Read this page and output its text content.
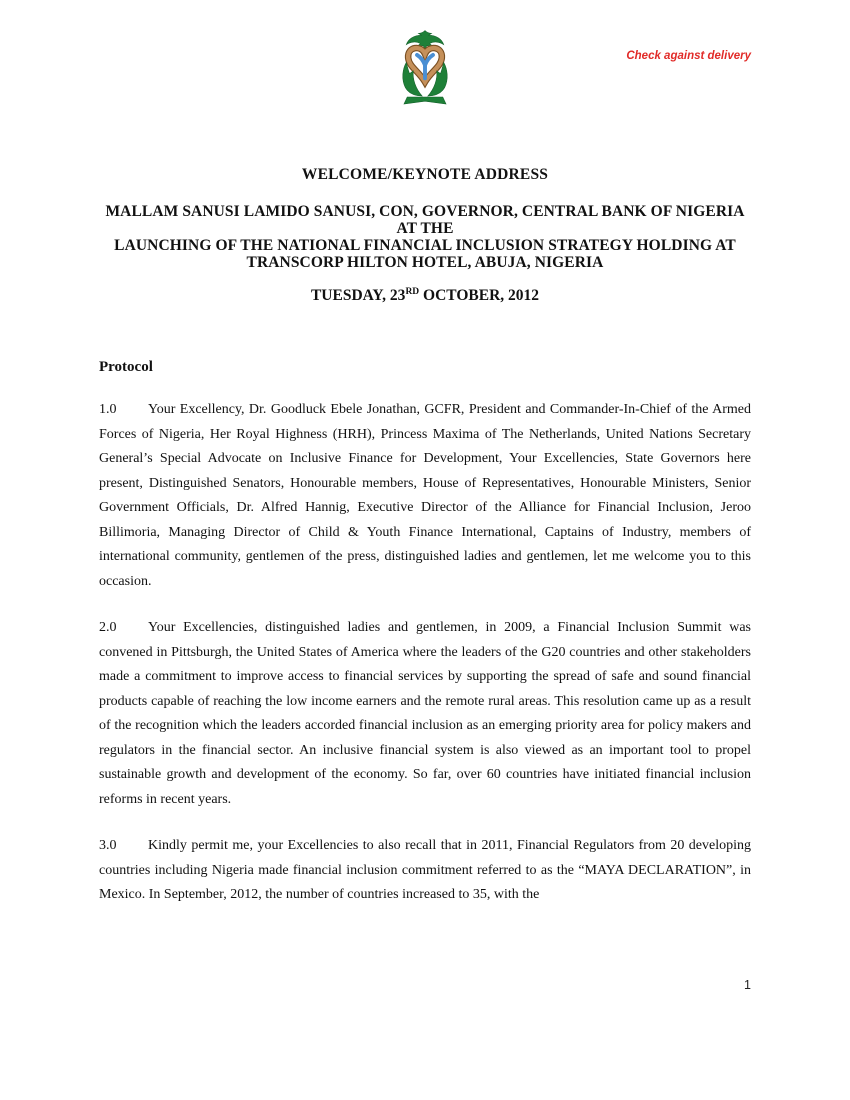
Check against delivery
WELCOME/KEYNOTE ADDRESS
MALLAM SANUSI LAMIDO SANUSI, CON, GOVERNOR, CENTRAL BANK OF NIGERIA AT THE
LAUNCHING OF THE NATIONAL FINANCIAL INCLUSION STRATEGY HOLDING AT
TRANSCORP HILTON HOTEL, ABUJA, NIGERIA
TUESDAY, 23RD OCTOBER, 2012
Protocol

1.0 Your Excellency, Dr. Goodluck Ebele Jonathan, GCFR, President and Commander-In-Chief of the Armed Forces of Nigeria, Her Royal Highness (HRH), Princess Maxima of The Netherlands, United Nations Secretary General’s Special Advocate on Inclusive Finance for Development, Your Excellencies, State Governors here present, Distinguished Senators, Honourable members, House of Representatives, Honourable Ministers, Senior Government Officials, Dr. Alfred Hannig, Executive Director of the Alliance for Financial Inclusion, Jeroo Billimoria, Managing Director of Child & Youth Finance International, Captains of Industry, members of international community, gentlemen of the press, distinguished ladies and gentlemen, let me welcome you to this occasion.

2.0 Your Excellencies, distinguished ladies and gentlemen, in 2009, a Financial Inclusion Summit was convened in Pittsburgh, the United States of America where the leaders of the G20 countries and other stakeholders made a commitment to improve access to financial services by supporting the spread of safe and sound financial products capable of reaching the low income earners and the remote rural areas. This resolution came up as a result of the recognition which the leaders accorded financial inclusion as an emerging priority area for policy makers and regulators in the financial sector. An inclusive financial system is also viewed as an important tool to propel sustainable growth and development of the economy. So far, over 60 countries have initiated financial inclusion reforms in recent years.

3.0 Kindly permit me, your Excellencies to also recall that in 2011, Financial Regulators from 20 developing countries including Nigeria made financial inclusion commitment referred to as the “MAYA DECLARATION”, in Mexico. In September, 2012, the number of countries increased to 35, with the

1
